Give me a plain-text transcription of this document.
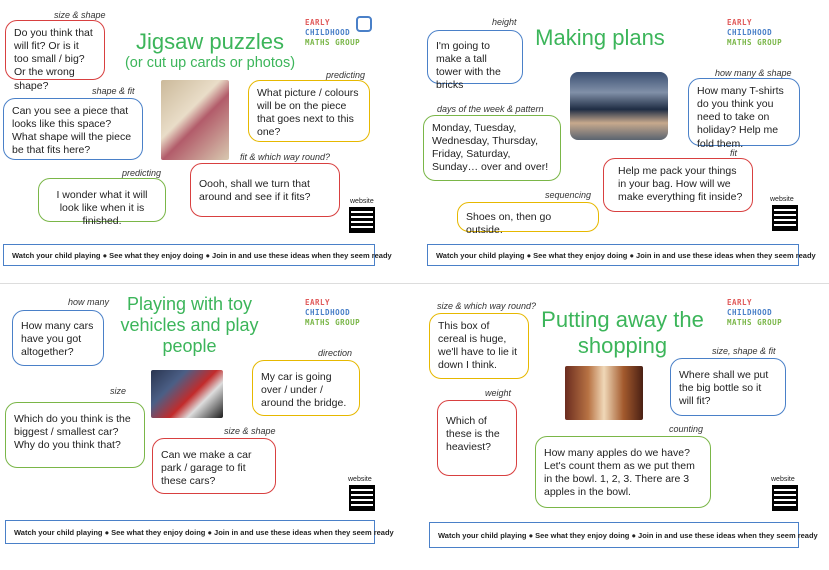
Jigsaw puzzles
(or cut up cards or photos)
EARLY
CHILDHOOD
MATHS GROUP
size & shape
Do you think that will fit? Or is it too small / big? Or the wrong shape?	shape & fit
Can you see a piece that looks like this space? What shape will the piece be that fits here?
predicting
What picture / colours will be on the piece that goes next to this one?
predicting
I wonder what it will look like when it is finished.
fit & which way round?
Oooh, shall we turn that around and see if it fits?	website
Watch your child playing ● See what they enjoy doing ● Join in and use these ideas when they seem ready
Making plans
EARLY
CHILDHOOD
MATHS GROUP
height
I'm going to make a tall tower with the bricks
how many & shape
How many T-shirts do you think you need to take on holiday? Help me fold them.
days of the week & pattern
Monday, Tuesday, Wednesday, Thursday, Friday, Saturday, Sunday… over and over!
fit
Help me pack your things in your bag. How will we make everything fit inside?
sequencing
Shoes on, then go outside.
website
Watch your child playing ● See what they enjoy doing ● Join in and use these ideas when they seem ready
Playing with toy
vehicles and play
people
EARLY
CHILDHOOD
MATHS GROUP
how many
How many cars have you got altogether?	direction
My car is going over / under / around the bridge.
size
Which do you think is the biggest / smallest car? Why do you think that?
size & shape
Can we make a car park / garage to fit these cars?	website
Watch your child playing ● See what they enjoy doing ● Join in and use these ideas when they seem ready
Putting away the
shopping
EARLY
CHILDHOOD
MATHS GROUP
size & which way round?
This box of cereal is huge, we'll have to lie it down I think.
size, shape & fit
Where shall we put the big bottle so it will fit?
weight
Which of these is the heaviest?
counting
How many apples do we have? Let's count them as we put them in the bowl. 1, 2, 3. There are 3 apples in the bowl.
website
Watch your child playing ● See what they enjoy doing ● Join in and use these ideas when they seem ready
